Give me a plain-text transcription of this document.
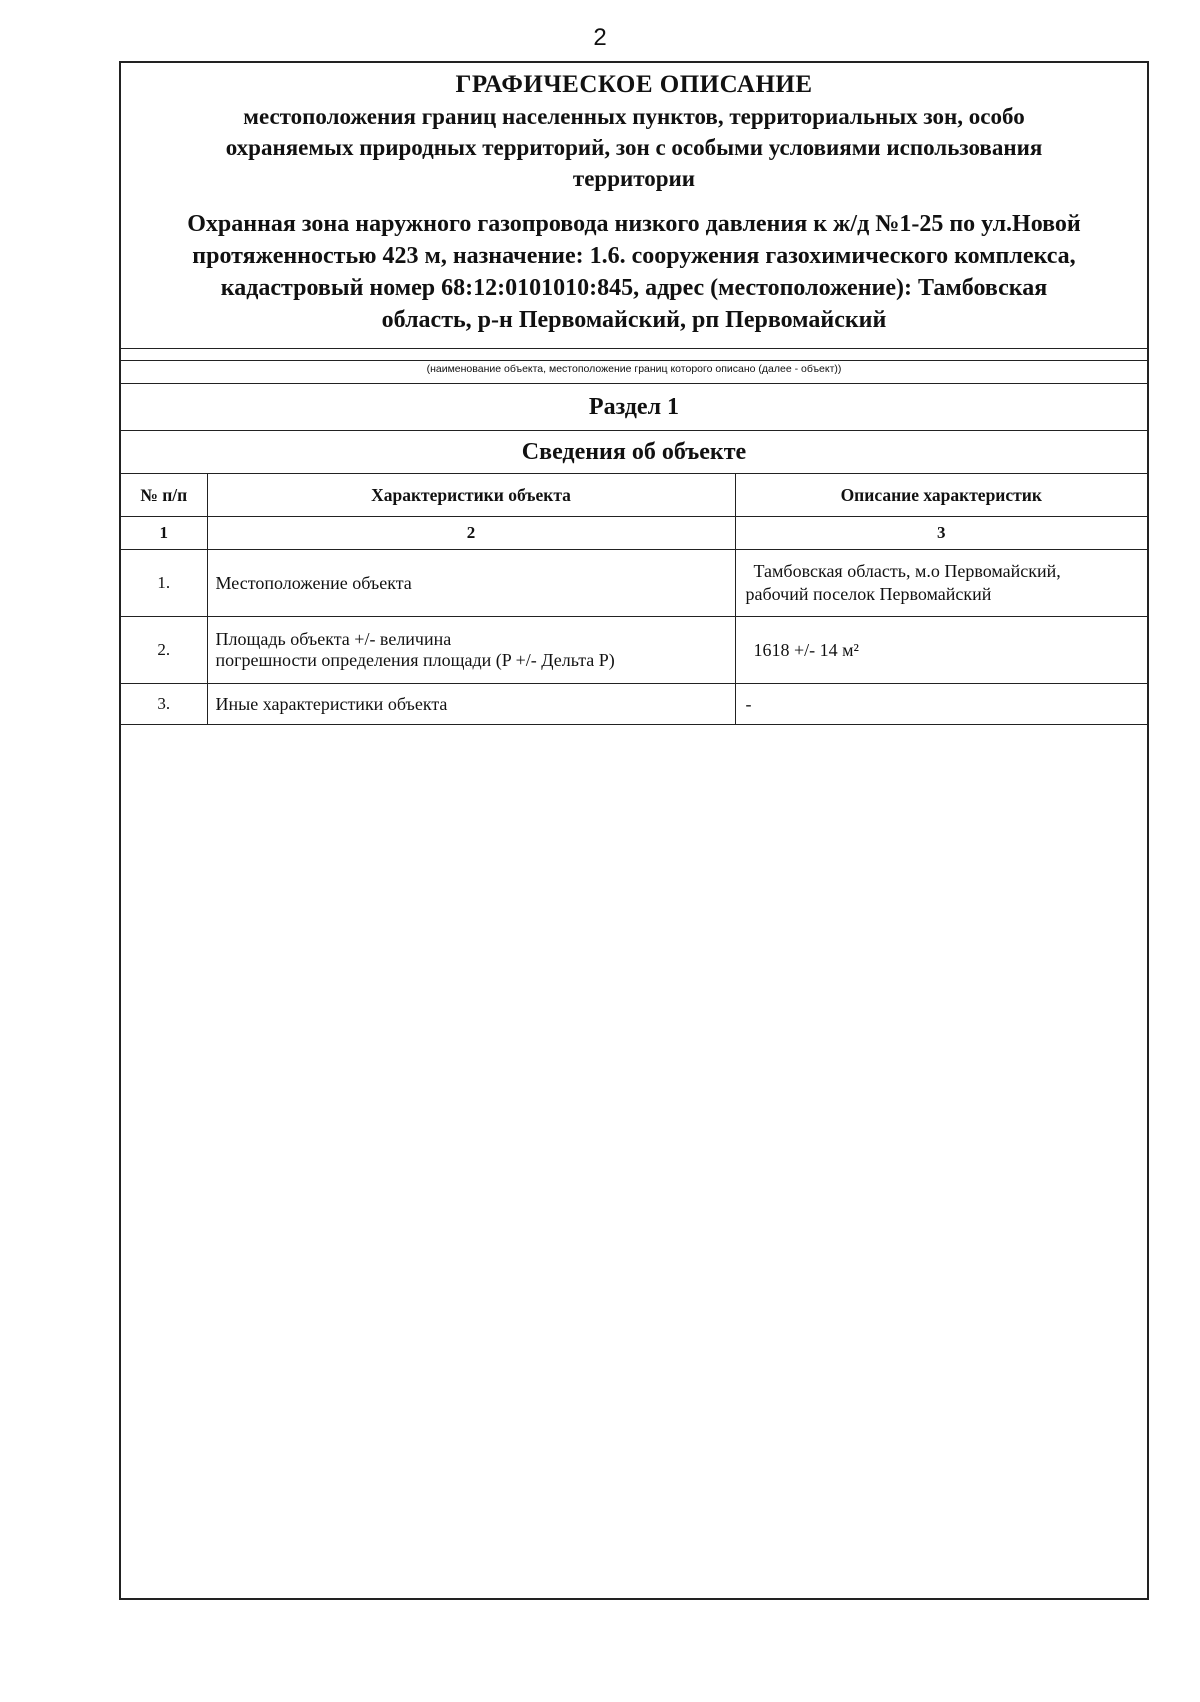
2
ГРАФИЧЕСКОЕ ОПИСАНИЕ
местоположения границ населенных пунктов, территориальных зон, особо
охраняемых природных территорий, зон с особыми условиями использования
территории
Охранная зона наружного газопровода низкого давления к ж/д №1-25 по ул.Новой
протяженностью 423 м, назначение: 1.6. сооружения газохимического комплекса,
кадастровый номер 68:12:0101010:845, адрес (местоположение): Тамбовская
область, р-н Первомайский, рп Первомайский
(наименование объекта, местоположение границ которого описано (далее - объект))
Раздел 1
Сведения об объекте
№ п/п	Характеристики объекта	Описание характеристик
1	2	3
1.	Местоположение объекта	Тамбовская область, м.о Первомайский,
рабочий поселок Первомайский

2.	Площадь объекта +/- величина
погрешности определения площади (P +/- Дельта P)	1618 +/- 14 м²

3.	Иные характеристики объекта	-
